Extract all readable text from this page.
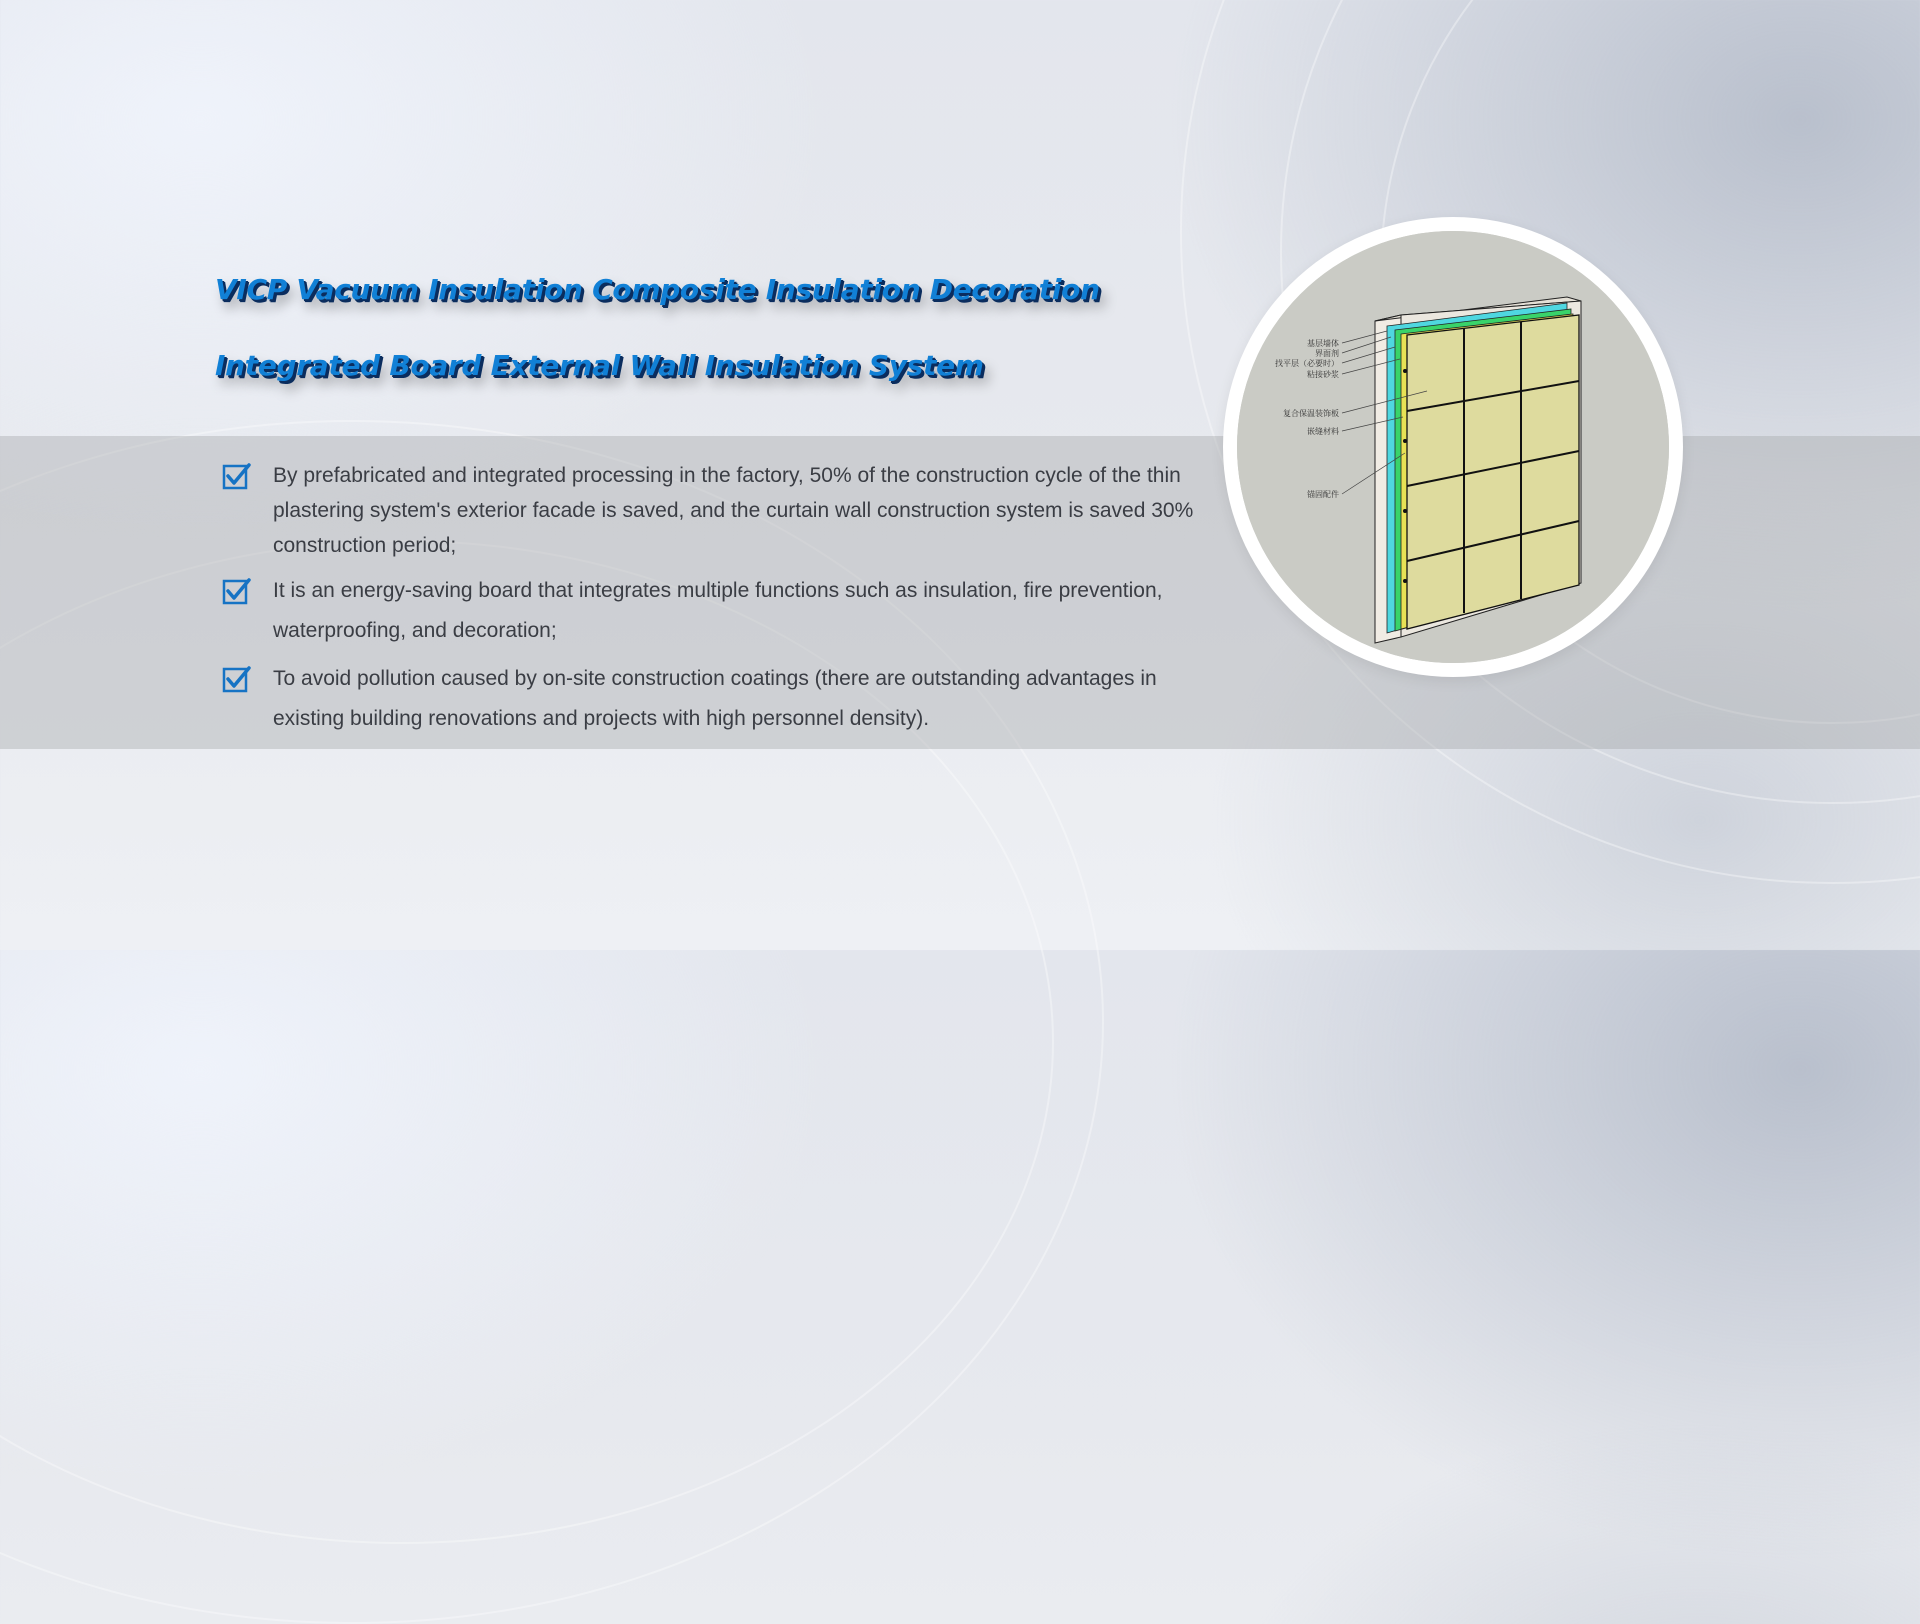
VICP Vacuum Insulation Composite Insulation Decoration
Integrated Board External Wall Insulation System
By prefabricated and integrated processing in the factory, 50% of the construction cycle of the thin plastering system's exterior facade is saved, and the curtain wall construction system is saved 30% construction period;
It is an energy-saving board that integrates multiple functions such as insulation, fire prevention, waterproofing, and decoration;
To avoid pollution caused by on-site construction coatings (there are outstanding advantages in existing building renovations and projects with high personnel density).
基层墙体
界面剂
找平层（必要时）
粘接砂浆
复合保温装饰板
嵌缝材料
锚固配件
